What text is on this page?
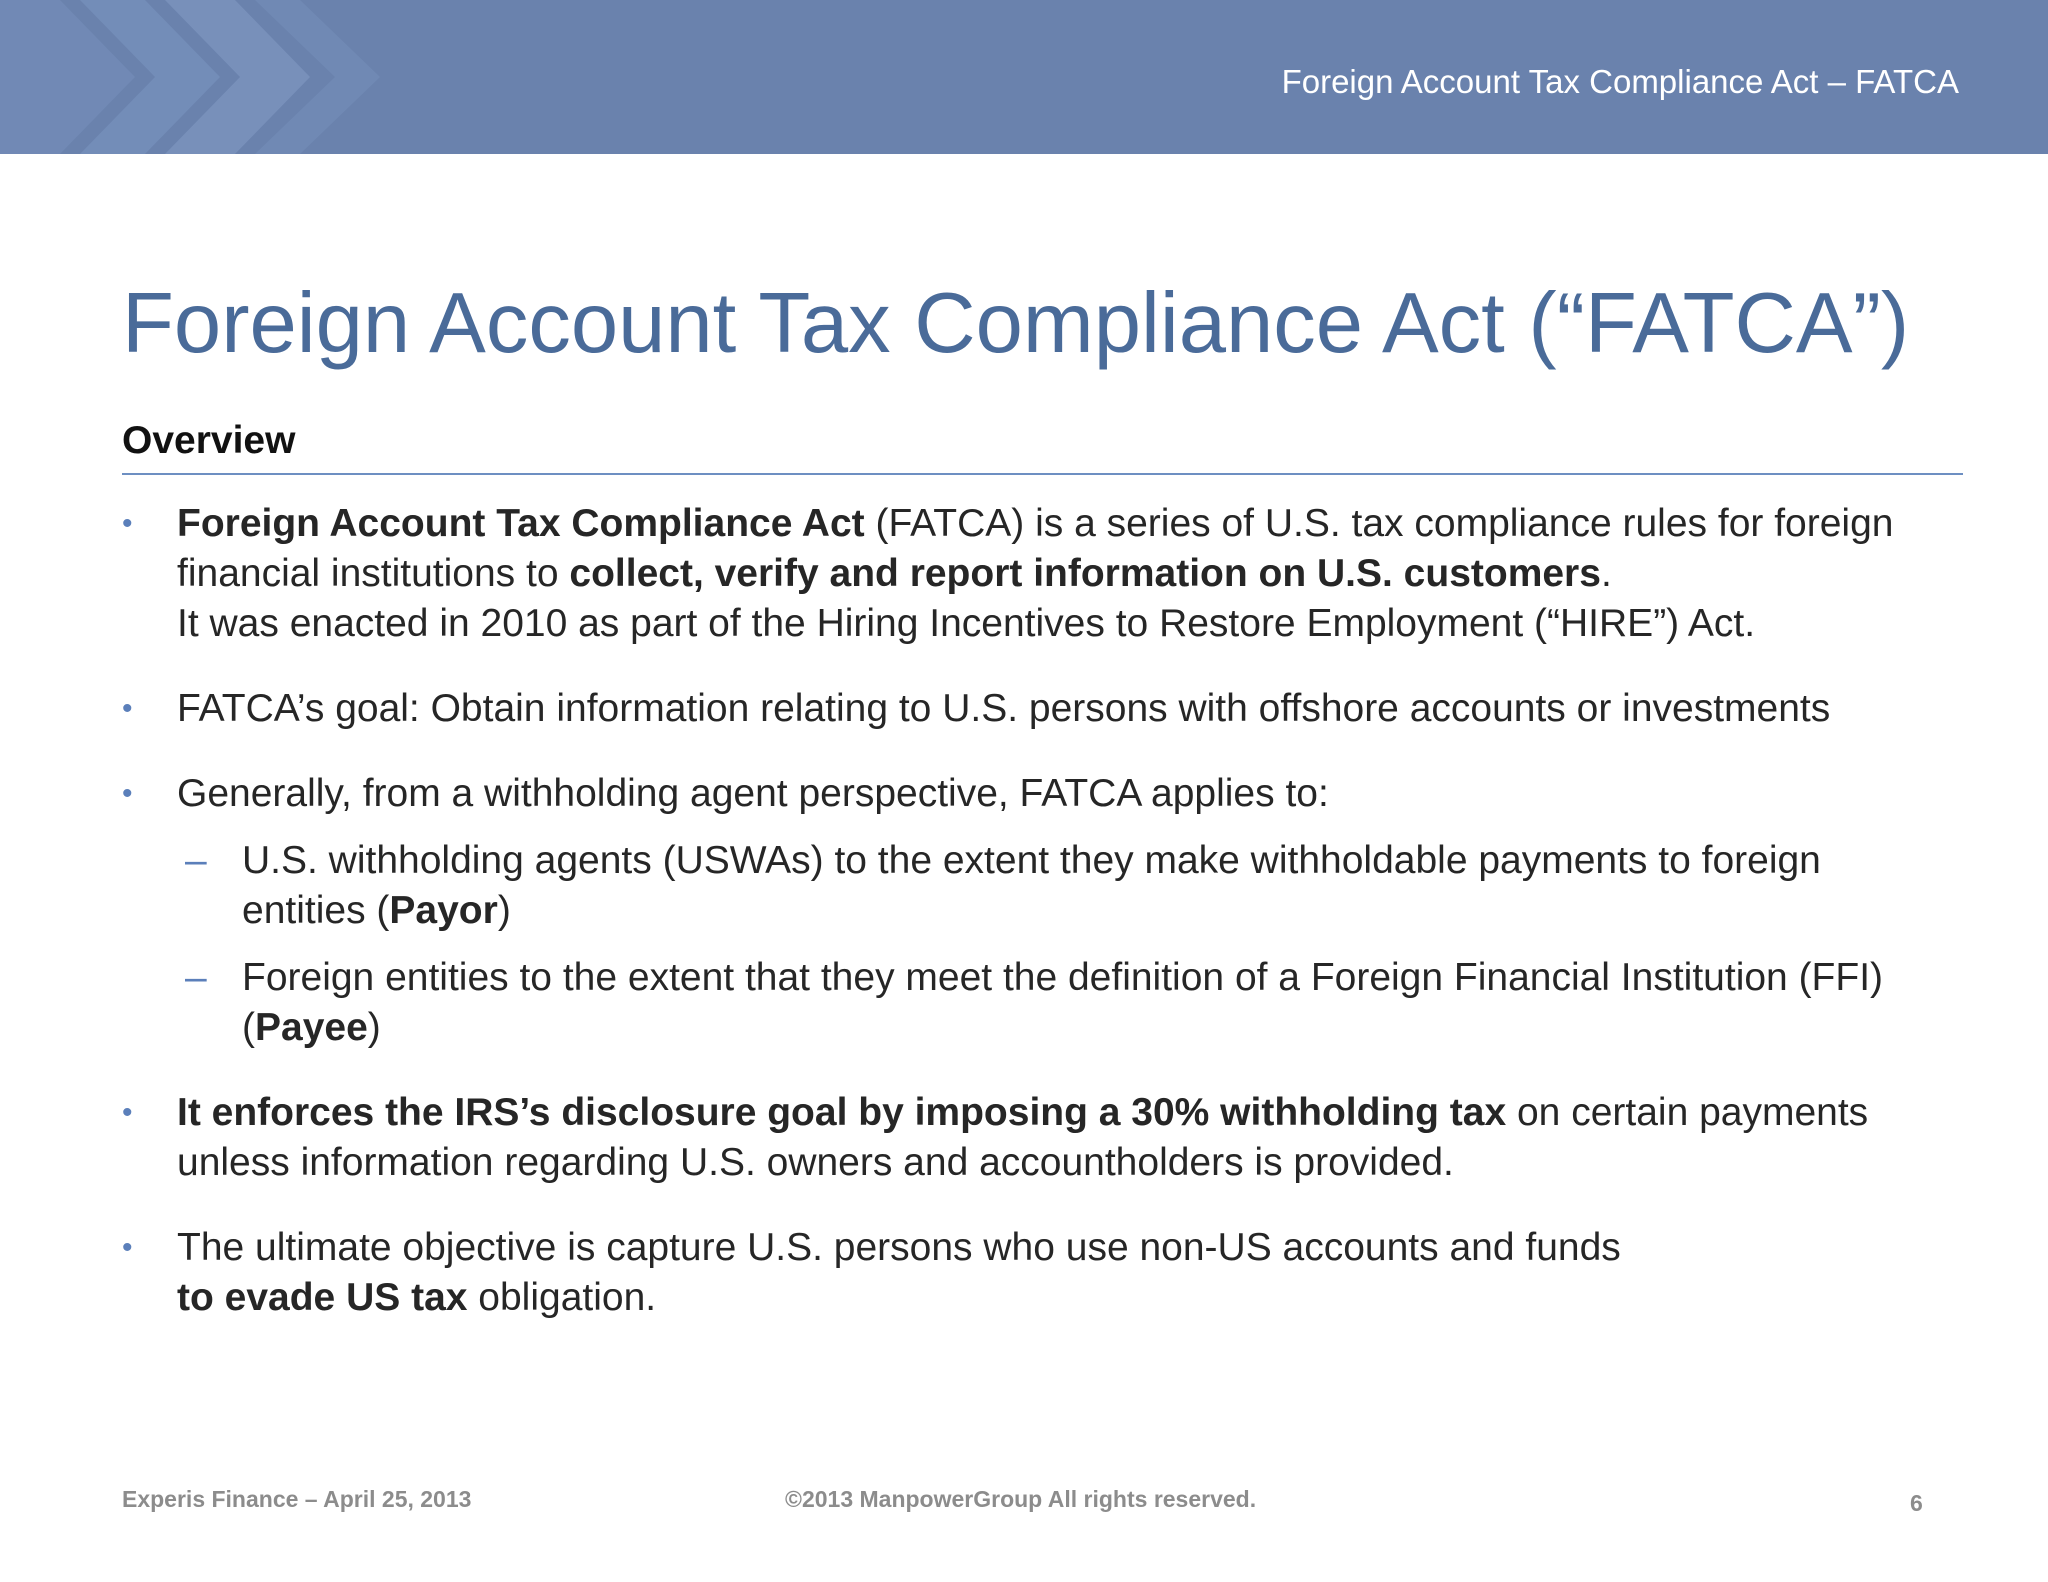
Foreign Account Tax Compliance Act – FATCA
Foreign Account Tax Compliance Act (“FATCA”)
Overview
• Foreign Account Tax Compliance Act (FATCA) is a series of U.S. tax compliance rules for foreign financial institutions to collect, verify and report information on U.S. customers.
It was enacted in 2010 as part of the Hiring Incentives to Restore Employment (“HIRE”) Act.
• FATCA’s goal: Obtain information relating to U.S. persons with offshore accounts or investments
• Generally, from a withholding agent perspective, FATCA applies to:
– U.S. withholding agents (USWAs) to the extent they make withholdable payments to foreign entities (Payor)
– Foreign entities to the extent that they meet the definition of a Foreign Financial Institution (FFI) (Payee)
• It enforces the IRS’s disclosure goal by imposing a 30% withholding tax on certain payments unless information regarding U.S. owners and accountholders is provided.
• The ultimate objective is capture U.S. persons who use non-US accounts and funds
to evade US tax obligation.
Experis Finance – April 25, 2013	©2013 ManpowerGroup All rights reserved.	6
